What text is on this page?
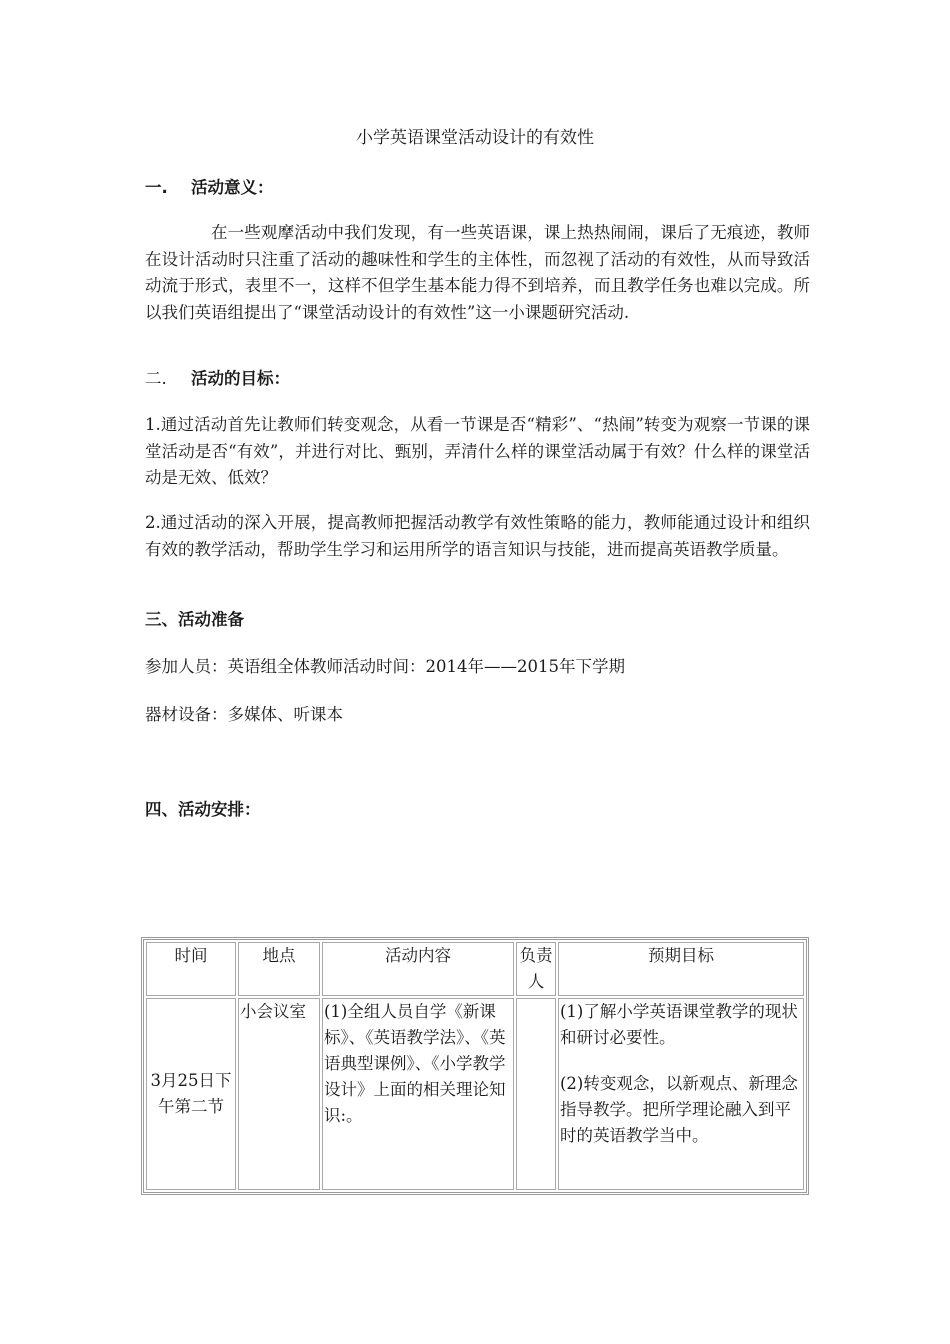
小学英语课堂活动设计的有效性
一. 活动意义：

在一些观摩活动中我们发现，有一些英语课，课上热热闹闹，课后了无痕迹，教师在设计活动时只注重了活动的趣味性和学生的主体性，而忽视了活动的有效性，从而导致活动流于形式，表里不一，这样不但学生基本能力得不到培养，而且教学任务也难以完成。所以我们英语组提出了“课堂活动设计的有效性”这一小课题研究活动.

二. 活动的目标：

1.通过活动首先让教师们转变观念，从看一节课是否“精彩”、“热闹”转变为观察一节课的课堂活动是否“有效”，并进行对比、甄别，弄清什么样的课堂活动属于有效？什么样的课堂活动是无效、低效？

2.通过活动的深入开展，提高教师把握活动教学有效性策略的能力，教师能通过设计和组织有效的教学活动，帮助学生学习和运用所学的语言知识与技能，进而提高英语教学质量。

三、活动准备
参加人员：英语组全体教师活动时间：2014年——2015年下学期
器材设备：多媒体、听课本
四、活动安排：
时间	地点	活动内容	负责人	预期目标
3月25日下午第二节	小会议室	(1)全组人员自学《新课标》、《英语教学法》、《英语典型课例》、《小学教学设计》上面的相关理论知识:。		(1)了解小学英语课堂教学的现状和研讨必要性。

(2)转变观念，以新观点、新理念指导教学。把所学理论融入到平时的英语教学当中。
